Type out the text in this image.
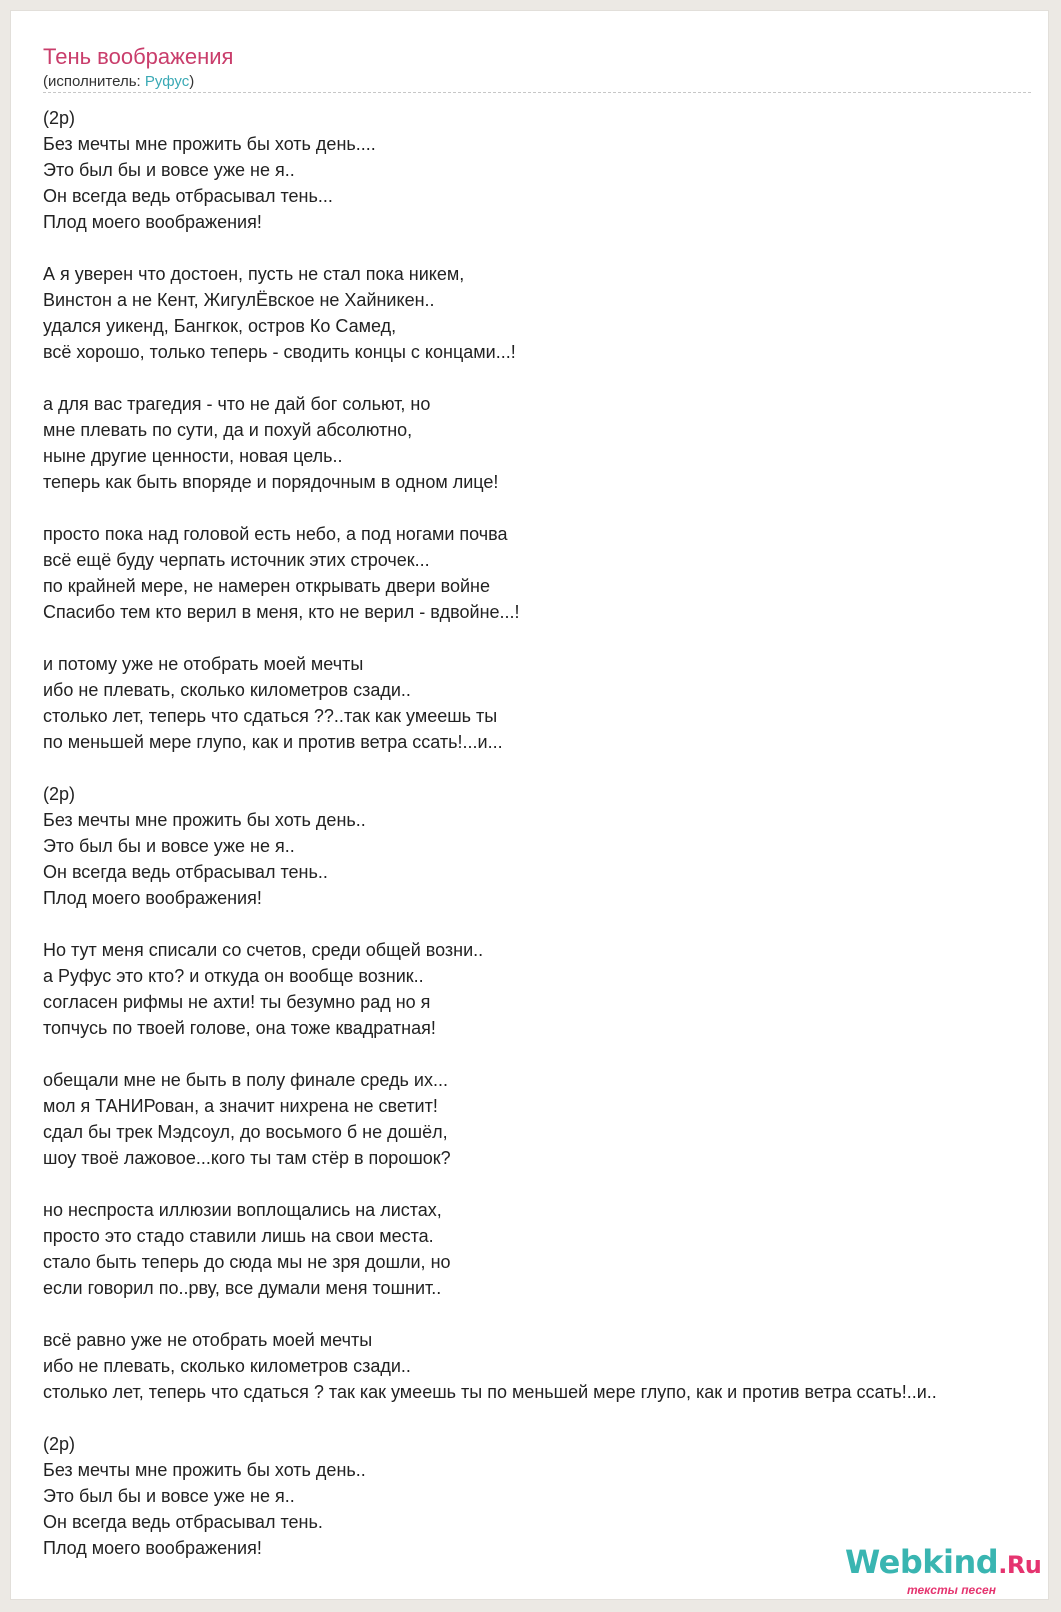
Тень воображения
(исполнитель: Руфус)
(2р)
Без мечты мне прожить бы хоть день....
Это был бы и вовсе уже не я..
Он всегда ведь отбрасывал тень...
Плод моего воображения!
А я уверен что достоен, пусть не стал пока никем,
Винстон а не Кент, ЖигулЁвское не Хайникен..
удался уикенд, Бангкок, остров Ко Самед,
всё хорошо, только теперь - сводить концы с концами...!
а для вас трагедия - что не дай бог сольют, но
мне плевать по сути, да и похуй абсолютно,
ныне другие ценности, новая цель..
теперь как быть впоряде и порядочным в одном лице!
просто пока над головой есть небо, а под ногами почва
всё ещё буду черпать источник этих строчек...
по крайней мере, не намерен открывать двери войне
Спасибо тем кто верил в меня, кто не верил - вдвойне...!
и потому уже не отобрать моей мечты
ибо не плевать, сколько километров сзади..
столько лет, теперь что сдаться ??..так как умеешь ты
по меньшей мере глупо, как и против ветра ссать!...и...
(2р)
Без мечты мне прожить бы хоть день..
Это был бы и вовсе уже не я..
Он всегда ведь отбрасывал тень..
Плод моего воображения!
Но тут меня списали со счетов, среди общей возни..
а Руфус это кто? и откуда он вообще возник..
согласен рифмы не ахти! ты безумно рад но я
топчусь по твоей голове, она тоже квадратная!
обещали мне не быть в полу финале средь их...
мол я ТАНИРован, а значит нихрена не светит!
сдал бы трек Мэдсоул, до восьмого б не дошёл,
шоу твоё лажовое...кого ты там стёр в порошок?
но неспроста иллюзии воплощались на листах,
просто это стадо ставили лишь на свои места.
стало быть теперь до сюда мы не зря дошли, но
если говорил по..рву, все думали меня тошнит..
всё равно уже не отобрать моей мечты
ибо не плевать, сколько километров сзади..
столько лет, теперь что сдаться ? так как умеешь ты по меньшей мере глупо, как и против ветра ссать!..и..
(2р)
Без мечты мне прожить бы хоть день..
Это был бы и вовсе уже не я..
Он всегда ведь отбрасывал тень.
Плод моего воображения!	Webkind.Ru
тексты песен
